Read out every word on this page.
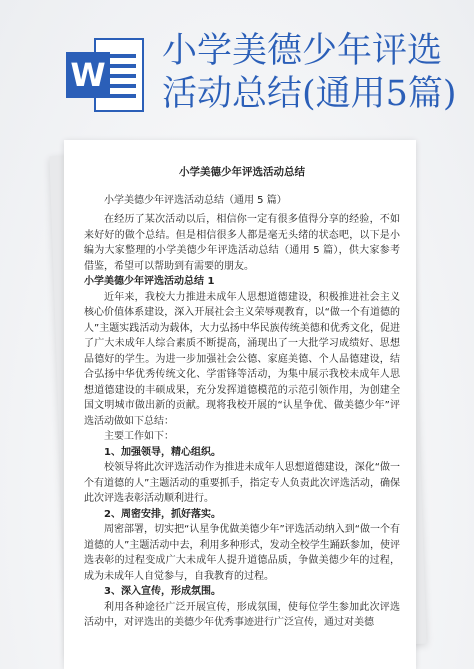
W
小学美德少年评选
活动总结(通用5篇)
小学美德少年评选活动总结

小学美德少年评选活动总结（通用 5 篇）

在经历了某次活动以后，相信你一定有很多值得分享的经验，不如来好好的做个总结。但是相信很多人都是毫无头绪的状态吧，以下是小编为大家整理的小学美德少年评选活动总结（通用 5 篇），供大家参考借鉴，希望可以帮助到有需要的朋友。

小学美德少年评选活动总结 1

近年来，我校大力推进未成年人思想道德建设，积极推进社会主义核心价值体系建设，深入开展社会主义荣辱观教育，以“做一个有道德的人”主题实践活动为载体，大力弘扬中华民族传统美德和优秀文化，促进了广大未成年人综合素质不断提高，涌现出了一大批学习成绩好、思想品德好的学生。为进一步加强社会公德、家庭美德、个人品德建设，结合弘扬中华优秀传统文化、学雷锋等活动，为集中展示我校未成年人思想道德建设的丰硕成果，充分发挥道德模范的示范引领作用，为创建全国文明城市做出新的贡献。现将我校开展的“认星争优、做美德少年”评选活动做如下总结：

主要工作如下：

1、加强领导，精心组织。

校领导将此次评选活动作为推进未成年人思想道德建设，深化“做一个有道德的人”主题活动的重要抓手，指定专人负责此次评选活动，确保此次评选表彰活动顺利进行。

2、周密安排，抓好落实。

周密部署，切实把“认星争优做美德少年”评选活动纳入到“做一个有道德的人”主题活动中去，利用多种形式，发动全校学生踊跃参加，使评选表彰的过程变成广大未成年人提升道德品质，争做美德少年的过程，成为未成年人自觉参与，自我教育的过程。

3、深入宣传，形成氛围。

利用各种途径广泛开展宣传，形成氛围，使每位学生参加此次评选活动中，对评选出的美德少年优秀事迹进行广泛宣传，通过对美德
